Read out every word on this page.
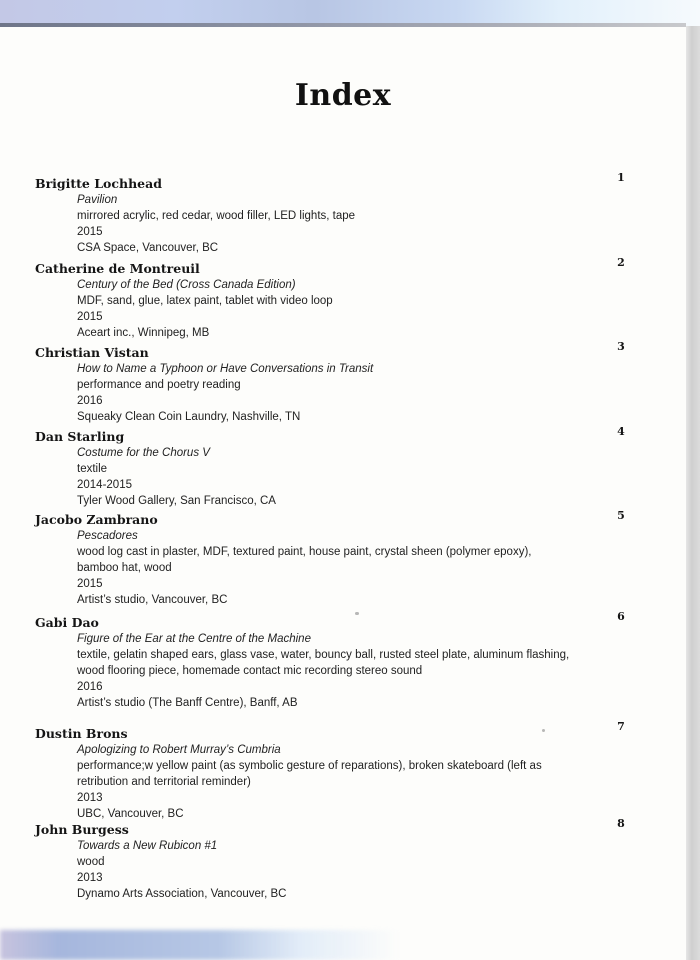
Index
Brigitte Lochhead
Pavilion
mirrored acrylic, red cedar, wood filler, LED lights, tape
2015
CSA Space, Vancouver, BC
1
Catherine de Montreuil
Century of the Bed (Cross Canada Edition)
MDF, sand, glue, latex paint, tablet with video loop
2015
Aceart inc., Winnipeg, MB
2
Christian Vistan
How to Name a Typhoon or Have Conversations in Transit
performance and poetry reading
2016
Squeaky Clean Coin Laundry, Nashville, TN
3
Dan Starling
Costume for the Chorus V
textile
2014-2015
Tyler Wood Gallery, San Francisco, CA
4
Jacobo Zambrano
Pescadores
wood log cast in plaster, MDF, textured paint, house paint, crystal sheen (polymer epoxy),
bamboo hat, wood
2015
Artist’s studio, Vancouver, BC
5
Gabi Dao
Figure of the Ear at the Centre of the Machine
textile, gelatin shaped ears, glass vase, water, bouncy ball, rusted steel plate, aluminum flashing,
wood flooring piece, homemade contact mic recording stereo sound
2016
Artist’s studio (The Banff Centre), Banff, AB
6
Dustin Brons
Apologizing to Robert Murray’s Cumbria
performance;w yellow paint (as symbolic gesture of reparations), broken skateboard (left as
retribution and territorial reminder)
2013
UBC, Vancouver, BC
7
John Burgess
Towards a New Rubicon #1
wood
2013
Dynamo Arts Association, Vancouver, BC
8
